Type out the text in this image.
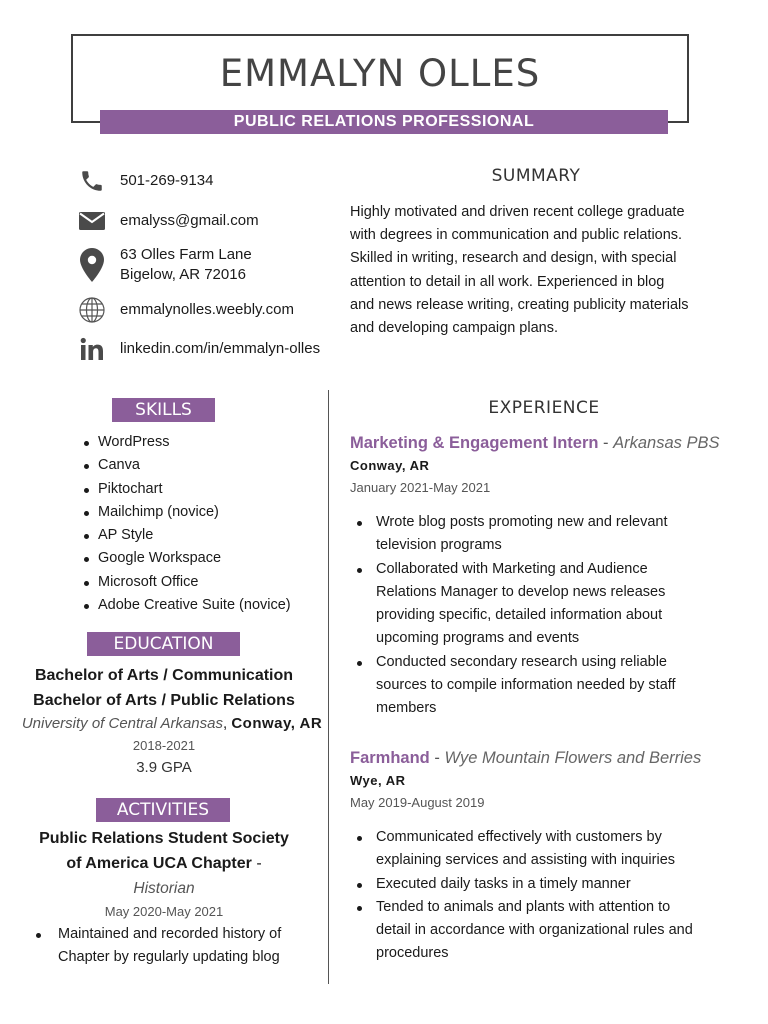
EMMALYN OLLES
PUBLIC RELATIONS PROFESSIONAL
501-269-9134
emalyss@gmail.com
63 Olles Farm Lane
Bigelow, AR 72016
emmalynolles.weebly.com
linkedin.com/in/emmalyn-olles
SUMMARY
Highly motivated and driven recent college graduate
with degrees in communication and public relations.
Skilled in writing, research and design, with special
attention to detail in all work. Experienced in blog
and news release writing, creating publicity materials
and developing campaign plans.
SKILLS
WordPress
Canva
Piktochart
Mailchimp (novice)
AP Style
Google Workspace
Microsoft Office
Adobe Creative Suite (novice)
EDUCATION
Bachelor of Arts / Communication
Bachelor of Arts / Public Relations
University of Central Arkansas, Conway, AR
2018-2021
3.9 GPA
ACTIVITIES
Public Relations Student Society
of America UCA Chapter -
Historian
May 2020-May 2021
Maintained and recorded history of
Chapter by regularly updating blog
EXPERIENCE
Marketing & Engagement Intern - Arkansas PBS
Conway, AR
January 2021-May 2021
Wrote blog posts promoting new and relevant
television programs
Collaborated with Marketing and Audience
Relations Manager to develop news releases
providing specific, detailed information about
upcoming programs and events
Conducted secondary research using reliable
sources to compile information needed by staff
members
Farmhand - Wye Mountain Flowers and Berries
Wye, AR
May 2019-August 2019
Communicated effectively with customers by
explaining services and assisting with inquiries
Executed daily tasks in a timely manner
Tended to animals and plants with attention to
detail in accordance with organizational rules and
procedures
